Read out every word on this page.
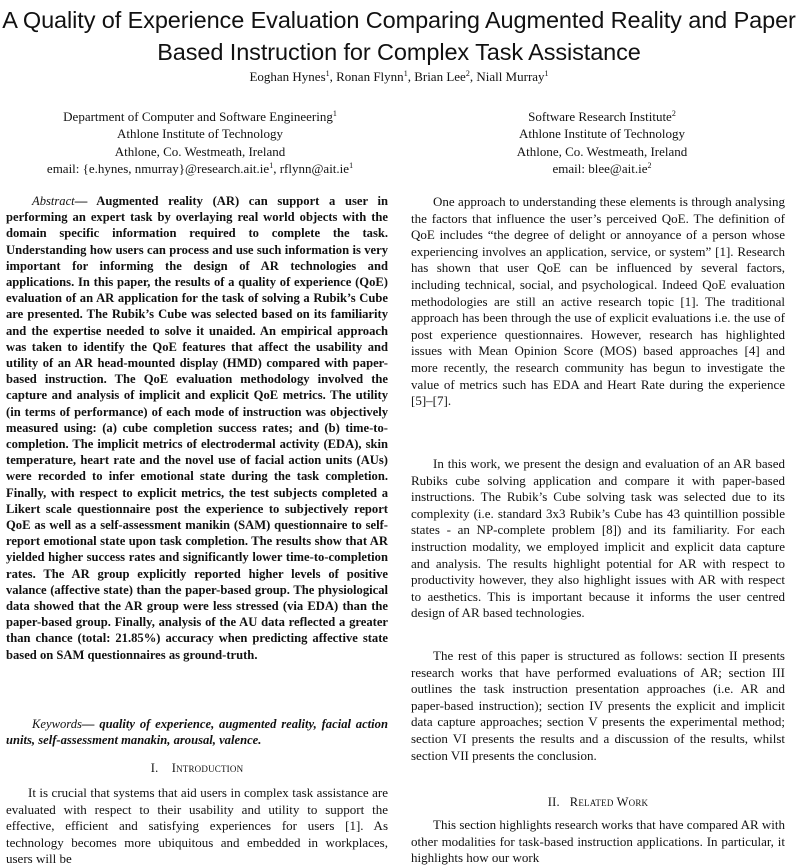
A Quality of Experience Evaluation Comparing Augmented Reality and Paper Based Instruction for Complex Task Assistance
Eoghan Hynes$^1$, Ronan Flynn$^1$, Brian Lee$^2$, Niall Murray$^1$
Department of Computer and Software Engineering$^1$
Athlone Institute of Technology
Athlone, Co. Westmeath, Ireland
email: {e.hynes, $nmurray\}@research.ait.ie^1$, $rflynn@ait.ie^1$
Software Research Institute$^2$
Athlone Institute of Technology
Athlone, Co. Westmeath, Ireland
email: $blee@ait.ie^2$
Abstract— Augmented reality (AR) can support a user in performing an expert task by overlaying real world objects with the domain specific information required to complete the task. Understanding how users can process and use such information is very important for informing the design of AR technologies and applications. In this paper, the results of a quality of experience (QoE) evaluation of an AR application for the task of solving a Rubik’s Cube are presented. The Rubik’s Cube was selected based on its familiarity and the expertise needed to solve it unaided. An empirical approach was taken to identify the QoE features that affect the usability and utility of an AR head-mounted display (HMD) compared with paper-based instruction. The QoE evaluation methodology involved the capture and analysis of implicit and explicit QoE metrics. The utility (in terms of performance) of each mode of instruction was objectively measured using: (a) cube completion success rates; and (b) time-to-completion. The implicit metrics of electrodermal activity (EDA), skin temperature, heart rate and the novel use of facial action units (AUs) were recorded to infer emotional state during the task completion. Finally, with respect to explicit metrics, the test subjects completed a Likert scale questionnaire post the experience to subjectively report QoE as well as a self-assessment manikin (SAM) questionnaire to self-report emotional state upon task completion. The results show that AR yielded higher success rates and significantly lower time-to-completion rates. The AR group explicitly reported higher levels of positive valance (affective state) than the paper-based group. The physiological data showed that the AR group were less stressed (via EDA) than the paper-based group. Finally, analysis of the AU data reflected a greater than chance (total: 21.85%) accuracy when predicting affective state based on SAM questionnaires as ground-truth.
Keywords— quality of experience, augmented reality, facial action units, self-assessment manakin, arousal, valence.
I. Introduction
It is crucial that systems that aid users in complex task assistance are evaluated with respect to their usability and utility to support the effective, efficient and satisfying experiences for users [1]. As technology becomes more ubiquitous and embedded in workplaces, users will be
One approach to understanding these elements is through analysing the factors that influence the user’s perceived QoE. The definition of QoE includes “the degree of delight or annoyance of a person whose experiencing involves an application, service, or system” [1]. Research has shown that user QoE can be influenced by several factors, including technical, social, and psychological. Indeed QoE evaluation methodologies are still an active research topic [1]. The traditional approach has been through the use of explicit evaluations i.e. the use of post experience questionnaires. However, research has highlighted issues with Mean Opinion Score (MOS) based approaches [4] and more recently, the research community has begun to investigate the value of metrics such has EDA and Heart Rate during the experience [5]–[7].
In this work, we present the design and evaluation of an AR based Rubiks cube solving application and compare it with paper-based instructions. The Rubik’s Cube solving task was selected due to its complexity (i.e. standard 3x3 Rubik’s Cube has 43 quintillion possible states - an NP-complete problem [8]) and its familiarity. For each instruction modality, we employed implicit and explicit data capture and analysis. The results highlight potential for AR with respect to productivity however, they also highlight issues with AR with respect to aesthetics. This is important because it informs the user centred design of AR based technologies.
The rest of this paper is structured as follows: section II presents research works that have performed evaluations of AR; section III outlines the task instruction presentation approaches (i.e. AR and paper-based instruction); section IV presents the explicit and implicit data capture approaches; section V presents the experimental method; section VI presents the results and a discussion of the results, whilst section VII presents the conclusion.
II. Related Work
This section highlights research works that have compared AR with other modalities for task-based instruction applications. In particular, it highlights how our work
